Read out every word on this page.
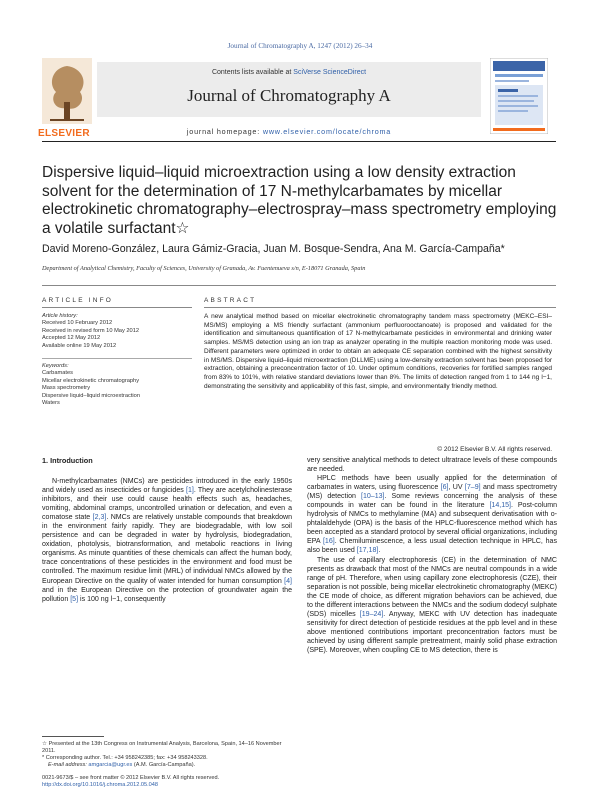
Journal of Chromatography A, 1247 (2012) 26–34
Contents lists available at SciVerse ScienceDirect
Journal of Chromatography A
ELSEVIER	journal homepage: www.elsevier.com/locate/chroma
Dispersive liquid–liquid microextraction using a low density extraction solvent for the determination of 17 N-methylcarbamates by micellar electrokinetic chromatography–electrospray–mass spectrometry employing a volatile surfactant☆
David Moreno-González, Laura Gámiz-Gracia, Juan M. Bosque-Sendra, Ana M. García-Campaña*
Department of Analytical Chemistry, Faculty of Sciences, University of Granada, Av. Fuentenueva s/n, E-18071 Granada, Spain
ARTICLE INFO	ABSTRACT
Article history:
Received 10 February 2012
Received in revised form 10 May 2012
Accepted 12 May 2012
Available online 19 May 2012
Keywords:
Carbamates
Micellar electrokinetic chromatography
Mass spectrometry
Dispersive liquid–liquid microextraction
Waters
A new analytical method based on micellar electrokinetic chromatography tandem mass spectrometry (MEKC–ESI–MS/MS) employing a MS friendly surfactant (ammonium perfluorooctanoate) is proposed and validated for the identification and simultaneous quantification of 17 N-methylcarbamate pesticides in environmental and drinking water samples. MS/MS detection using an ion trap as analyzer operating in the multiple reaction monitoring mode was used. Different parameters were optimized in order to obtain an adequate CE separation combined with the highest sensitivity in MS/MS. Dispersive liquid–liquid microextraction (DLLME) using a low-density extraction solvent has been proposed for extraction, obtaining a preconcentration factor of 10. Under optimum conditions, recoveries for fortified samples ranged from 83% to 101%, with relative standard deviations lower than 8%. The limits of detection ranged from 1 to 144 ng l−1, demonstrating the sensitivity and applicability of this fast, simple, and environmentally friendly method.
© 2012 Elsevier B.V. All rights reserved.
1. Introduction

N-methylcarbamates (NMCs) are pesticides introduced in the early 1950s and widely used as insecticides or fungicides [1]. They are acetylcholinesterase inhibitors, and their use could cause health effects such as, headaches, vomiting, abdominal cramps, uncontrolled urination or defecation, and even a comatose state [2,3]. NMCs are relatively unstable compounds that breakdown in the environment fairly rapidly. They are biodegradable, with low soil persistence and can be degraded in water by hydrolysis, biodegradation, oxidation, photolysis, biotransformation, and metabolic reactions in living organisms. As minute quantities of these chemicals can affect the human body, trace concentrations of these pesticides in the environment and food must be controlled. The maximum residue limit (MRL) of individual NMCs allowed by the European Directive on the quality of water intended for human consumption [4] and in the European Directive on the protection of groundwater again the pollution [5] is 100 ng l−1, consequently

very sensitive analytical methods to detect ultratrace levels of these compounds are needed.

HPLC methods have been usually applied for the determination of carbamates in waters, using fluorescence [6], UV [7–9] and mass spectrometry (MS) detection [10–13]. Some reviews concerning the analysis of these compounds in water can be found in the literature [14,15]. Post-column hydrolysis of NMCs to methylamine (MA) and subsequent derivatisation with o-phtalaldehyde (OPA) is the basis of the HPLC-fluorescence method which has been accepted as a standard protocol by several official organizations, including EPA [16]. Chemiluminescence, a less usual detection technique in HPLC, has also been used [17,18].

The use of capillary electrophoresis (CE) in the determination of NMC presents as drawback that most of the NMCs are neutral compounds in a wide range of pH. Therefore, when using capillary zone electrophoresis (CZE), their separation is not possible, being micellar electrokinetic chromatography (MEKC) the CE mode of choice, as different migration behaviors can be achieved, due to the different interactions between the NMCs and the sodium dodecyl sulphate (SDS) micelles [19–24]. Anyway, MEKC with UV detection has inadequate sensitivity for direct detection of pesticide residues at the ppb level and in these above mentioned contributions important preconcentration factors must be achieved by using different sample pretreatment, mainly solid phase extraction (SPE). Moreover, when coupling CE to MS detection, there is

☆ Presented at the 13th Congress on Instrumental Analysis, Barcelona, Spain, 14–16 November 2011.
* Corresponding author. Tel.: +34 958242385; fax: +34 958243328.
E-mail address: amgarcia@ugr.es (A.M. García-Campaña).
0021-9673/$ – see front matter © 2012 Elsevier B.V. All rights reserved.
http://dx.doi.org/10.1016/j.chroma.2012.05.048
